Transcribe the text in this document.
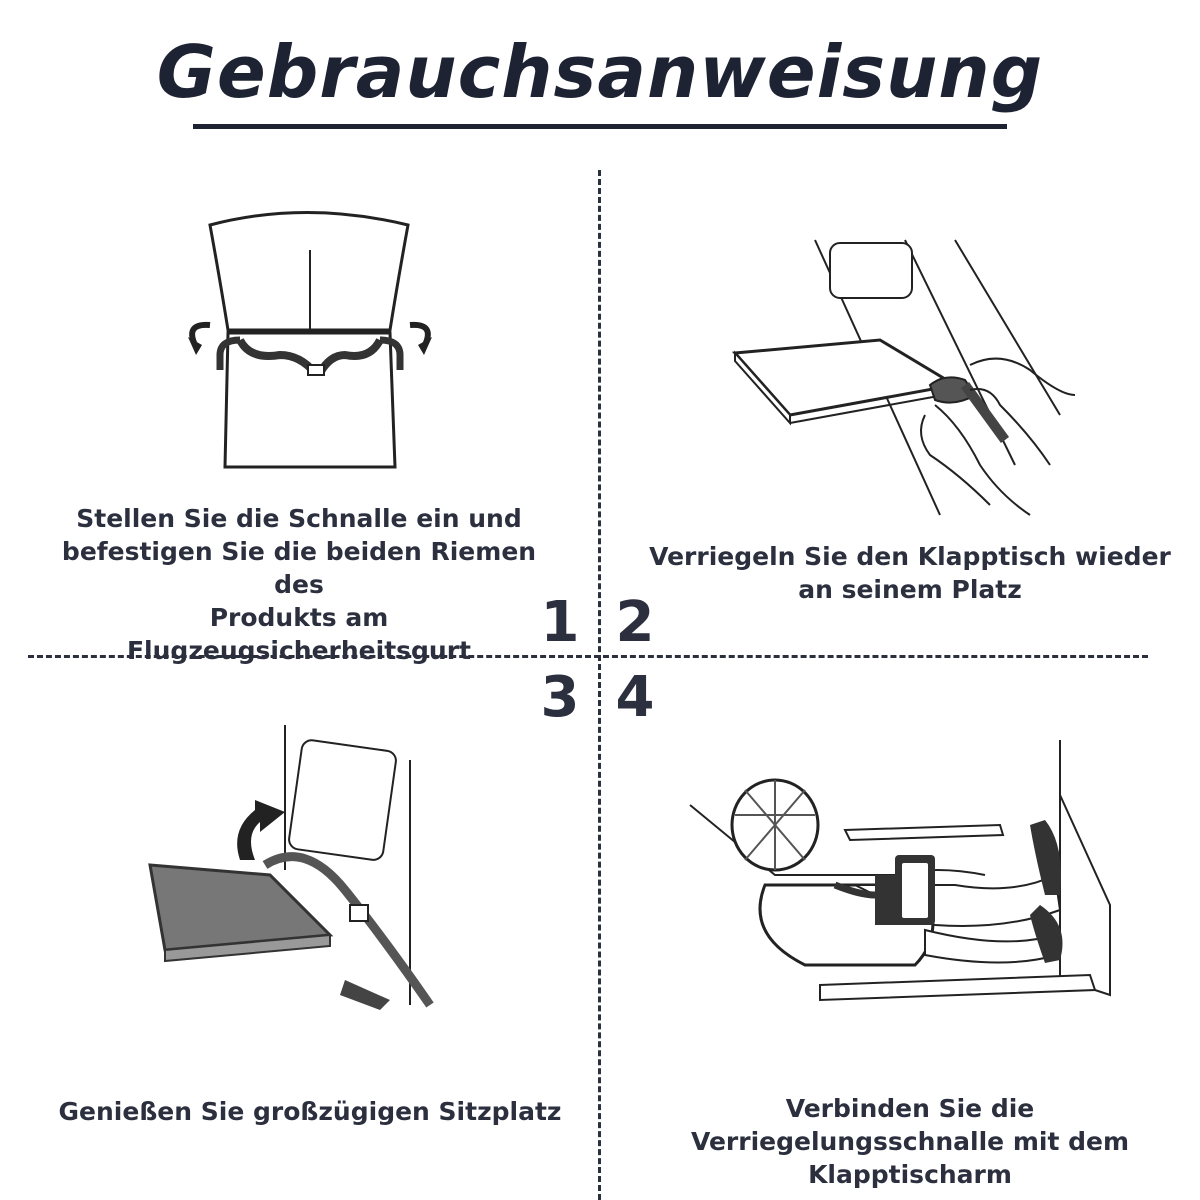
Gebrauchsanweisung
1 2
3 4
Stellen Sie die Schnalle ein und
befestigen Sie die beiden Riemen des
Produkts am Flugzeugsicherheitsgurt
Verriegeln Sie den Klapptisch wieder
an seinem Platz
Genießen Sie großzügigen Sitzplatz	Verbinden Sie die
Verriegelungsschnalle mit dem
Klapptischarm
